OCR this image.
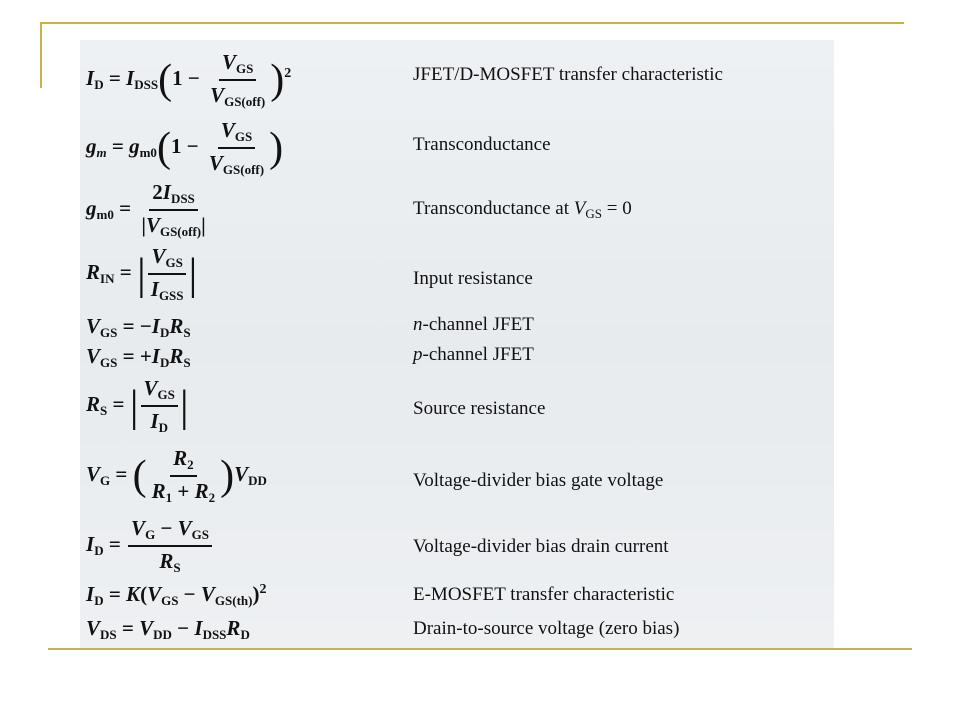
$I_D = I_{DSS}(1 - \frac{V_{GS}}{V_{GS(off)}} )^2$	JFET/D-MOSFET transfer characteristic
$g_m = g_{m0}(1 - \frac{V_{GS}}{V_{GS(off)}}$ )	Transconductance
$g_{m0} = \frac{2I_{DSS}}{|V_{GS(off)}|}$	Transconductance at $V_{GS} = 0$
$R_{IN}$ = | $\frac{V_{GS}}{I_{GSS}}$ |	Input resistance
$V_{GS} = -I_DR_S$	n-channel JFET
$V_{GS} = +I_DR_S$	p-channel JFET
$R_S$ = | $\frac{V_{GS}}{I_D}$ |	Source resistance
$V_G$ = ( $\frac{R_2}{R_1 + R_2} )V_{DD}$	Voltage-divider bias gate voltage
$I_D = \frac{V_G - V_{GS}}{R_S}$	Voltage-divider bias drain current
$I_D = K(V_{GS} - V_{GS(th)})^2$	E-MOSFET transfer characteristic
$V_{DS} = V_{DD} - I_{DSS}R_D$	Drain-to-source voltage (zero bias)
